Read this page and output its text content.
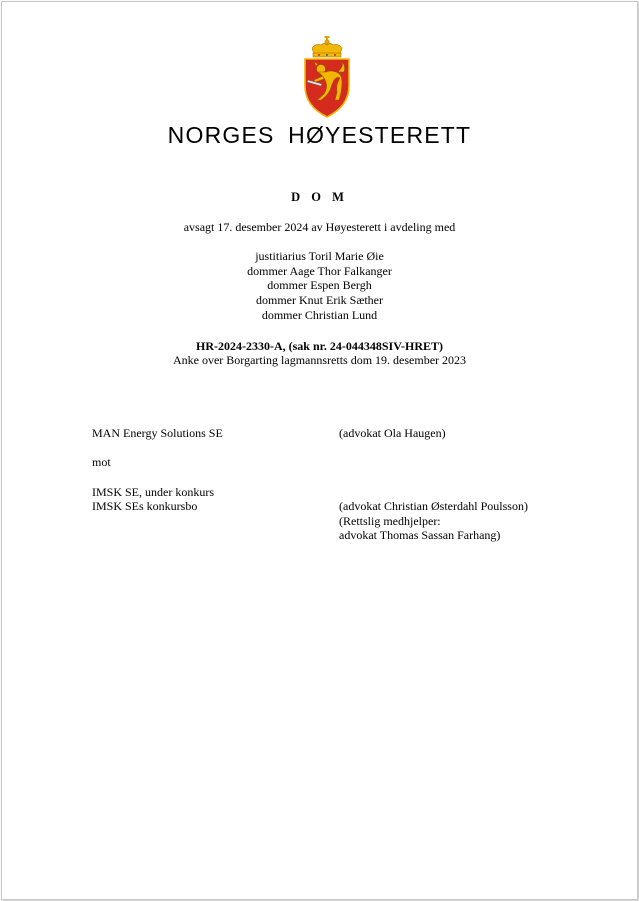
NORGES HØYESTERETT
D O M
avsagt 17. desember 2024 av Høyesterett i avdeling med
justitiarius Toril Marie Øie
dommer Aage Thor Falkanger
dommer Espen Bergh
dommer Knut Erik Sæther
dommer Christian Lund
HR-2024-2330-A, (sak nr. 24-044348SIV-HRET)
Anke over Borgarting lagmannsretts dom 19. desember 2023
MAN Energy Solutions SE	(advokat Ola Haugen)
mot
IMSK SE, under konkurs
IMSK SEs konkursbo	(advokat Christian Østerdahl Poulsson)
(Rettslig medhjelper:
advokat Thomas Sassan Farhang)
